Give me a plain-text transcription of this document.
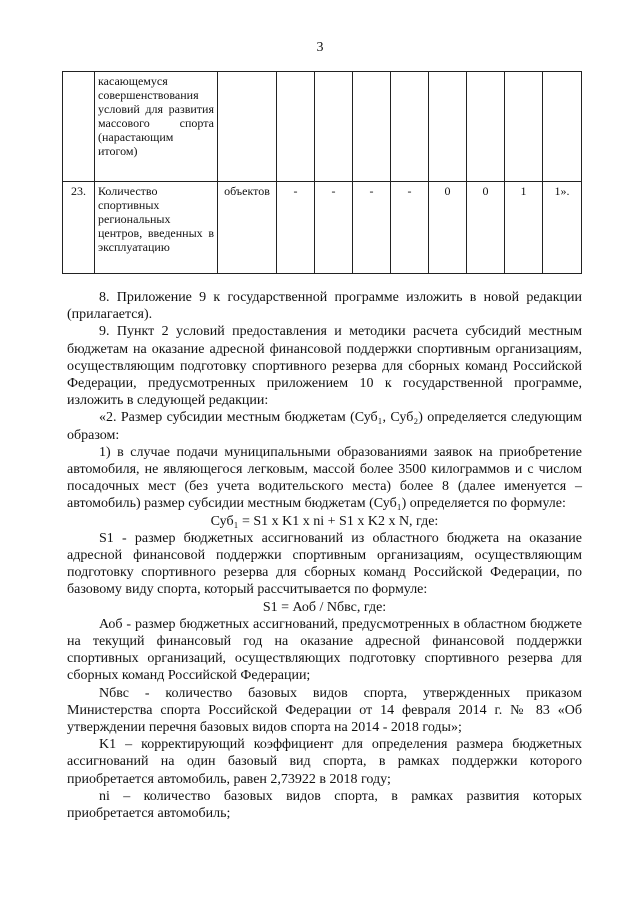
3
	касающемуся совершенствования условий для развития массового спорта (нарастающим итогом)									
23.	Количество спортивных региональных центров, введенных в эксплуатацию	объектов	-	-	-	-	0	0	1	1».

8. Приложение 9 к государственной программе изложить в новой редакции (прилагается).

9. Пункт 2 условий предоставления и методики расчета субсидий местным бюджетам на оказание адресной финансовой поддержки спортивным организациям, осуществляющим подготовку спортивного резерва для сборных команд Российской Федерации, предусмотренных приложением 10 к государственной программе, изложить в следующей редакции:

«2. Размер субсидии местным бюджетам (Суб₁, Суб₂) определяется следующим образом:

1) в случае подачи муниципальными образованиями заявок на приобретение автомобиля, не являющегося легковым, массой более 3500 килограммов и с числом посадочных мест (без учета водительского места) более 8 (далее именуется – автомобиль) размер субсидии местным бюджетам (Суб₁) определяется по формуле:

Суб₁ = S1 x K1 x ni + S1 x K2 x N, где:

S1 - размер бюджетных ассигнований из областного бюджета на оказание адресной финансовой поддержки спортивным организациям, осуществляющим подготовку спортивного резерва для сборных команд Российской Федерации, по базовому виду спорта, который рассчитывается по формуле:

S1 = Аоб / Nбвс, где:

Аоб - размер бюджетных ассигнований, предусмотренных в областном бюджете на текущий финансовый год на оказание адресной финансовой поддержки спортивных организаций, осуществляющих подготовку спортивного резерва для сборных команд Российской Федерации;

Nбвс - количество базовых видов спорта, утвержденных приказом Министерства спорта Российской Федерации от 14 февраля 2014 г. № 83 «Об утверждении перечня базовых видов спорта на 2014 - 2018 годы»;

K1 – корректирующий коэффициент для определения размера бюджетных ассигнований на один базовый вид спорта, в рамках поддержки которого приобретается автомобиль, равен 2,73922 в 2018 году;

ni – количество базовых видов спорта, в рамках развития которых приобретается автомобиль;
